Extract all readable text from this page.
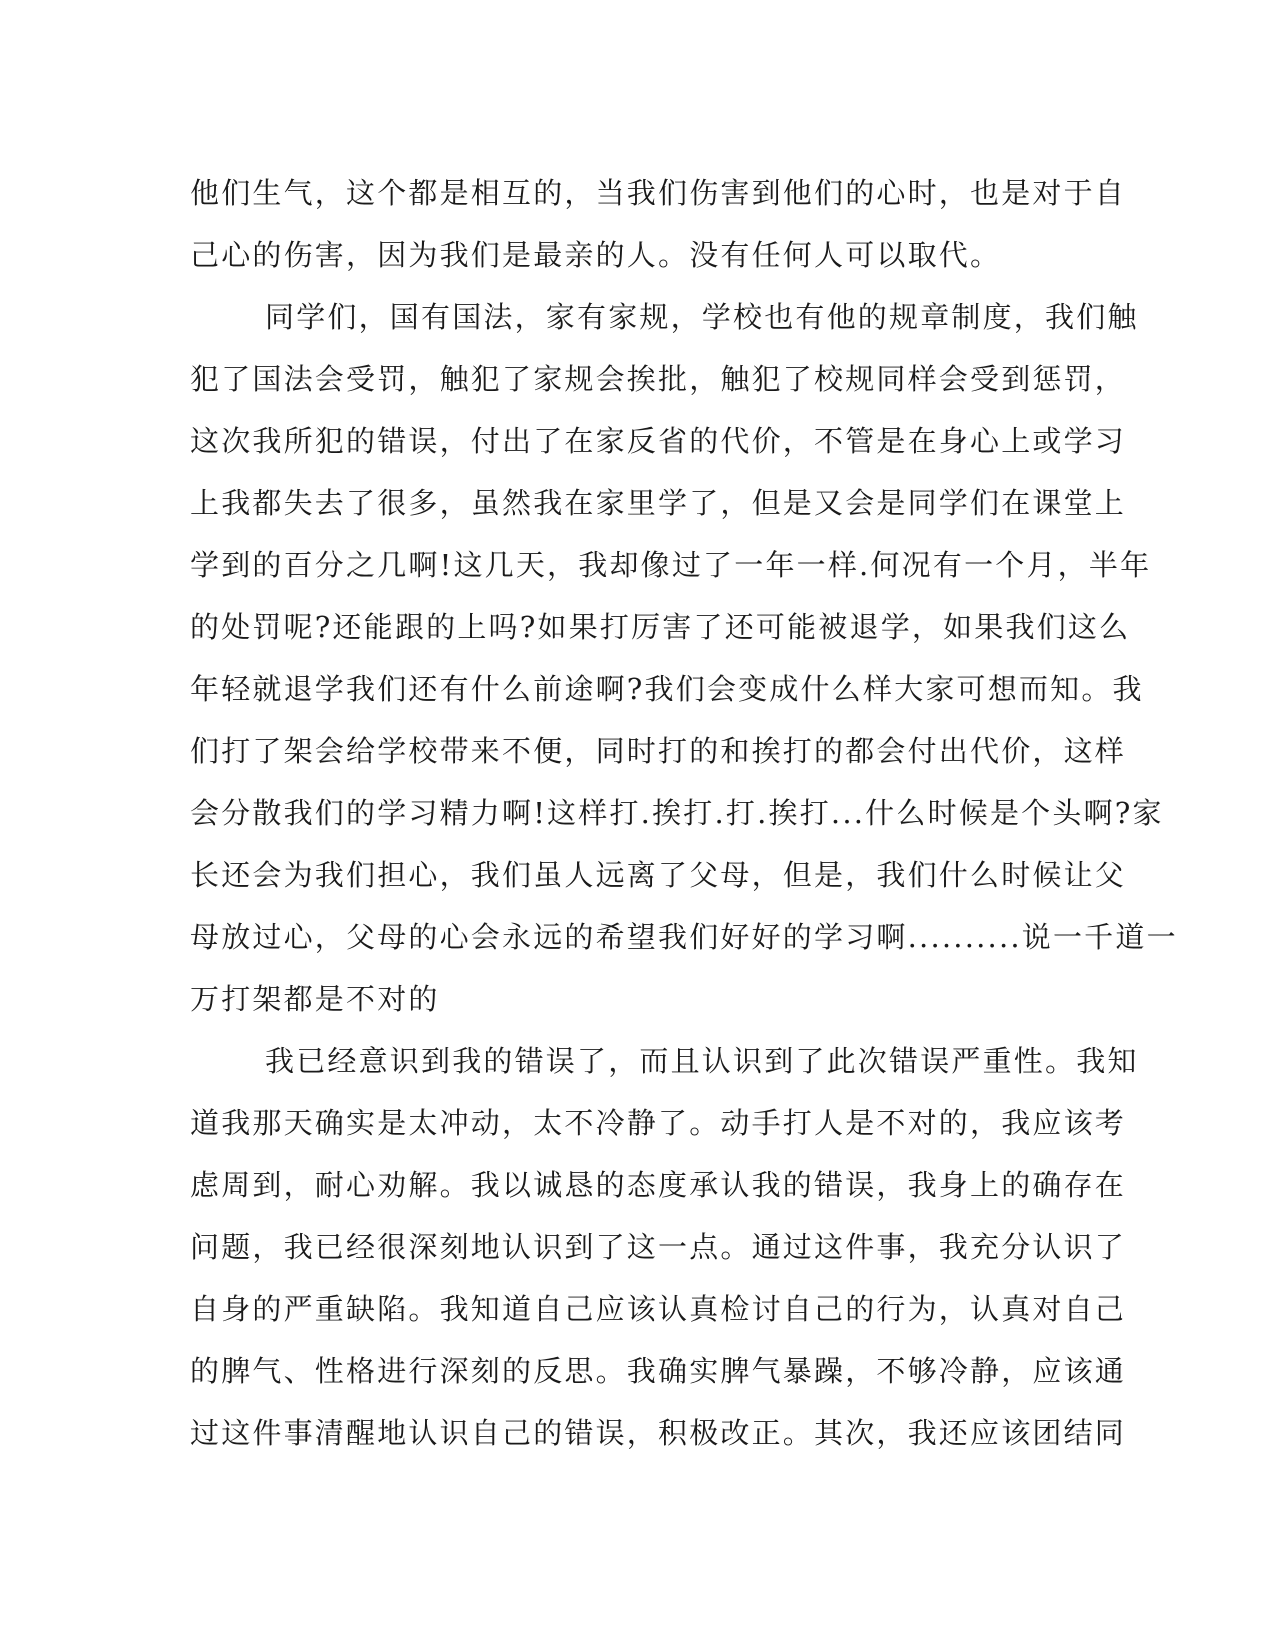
他们生气，这个都是相互的，当我们伤害到他们的心时，也是对于自
己心的伤害，因为我们是最亲的人。没有任何人可以取代。
同学们，国有国法，家有家规，学校也有他的规章制度，我们触
犯了国法会受罚，触犯了家规会挨批，触犯了校规同样会受到惩罚，
这次我所犯的错误，付出了在家反省的代价，不管是在身心上或学习
上我都失去了很多，虽然我在家里学了，但是又会是同学们在课堂上
学到的百分之几啊!这几天，我却像过了一年一样.何况有一个月，半年
的处罚呢?还能跟的上吗?如果打厉害了还可能被退学，如果我们这么
年轻就退学我们还有什么前途啊?我们会变成什么样大家可想而知。我
们打了架会给学校带来不便，同时打的和挨打的都会付出代价，这样
会分散我们的学习精力啊!这样打.挨打.打.挨打...什么时候是个头啊?家
长还会为我们担心，我们虽人远离了父母，但是，我们什么时候让父
母放过心，父母的心会永远的希望我们好好的学习啊..........说一千道一
万打架都是不对的
我已经意识到我的错误了，而且认识到了此次错误严重性。我知
道我那天确实是太冲动，太不冷静了。动手打人是不对的，我应该考
虑周到，耐心劝解。我以诚恳的态度承认我的错误，我身上的确存在
问题，我已经很深刻地认识到了这一点。通过这件事，我充分认识了
自身的严重缺陷。我知道自己应该认真检讨自己的行为，认真对自己
的脾气、性格进行深刻的反思。我确实脾气暴躁，不够冷静，应该通
过这件事清醒地认识自己的错误，积极改正。其次，我还应该团结同
